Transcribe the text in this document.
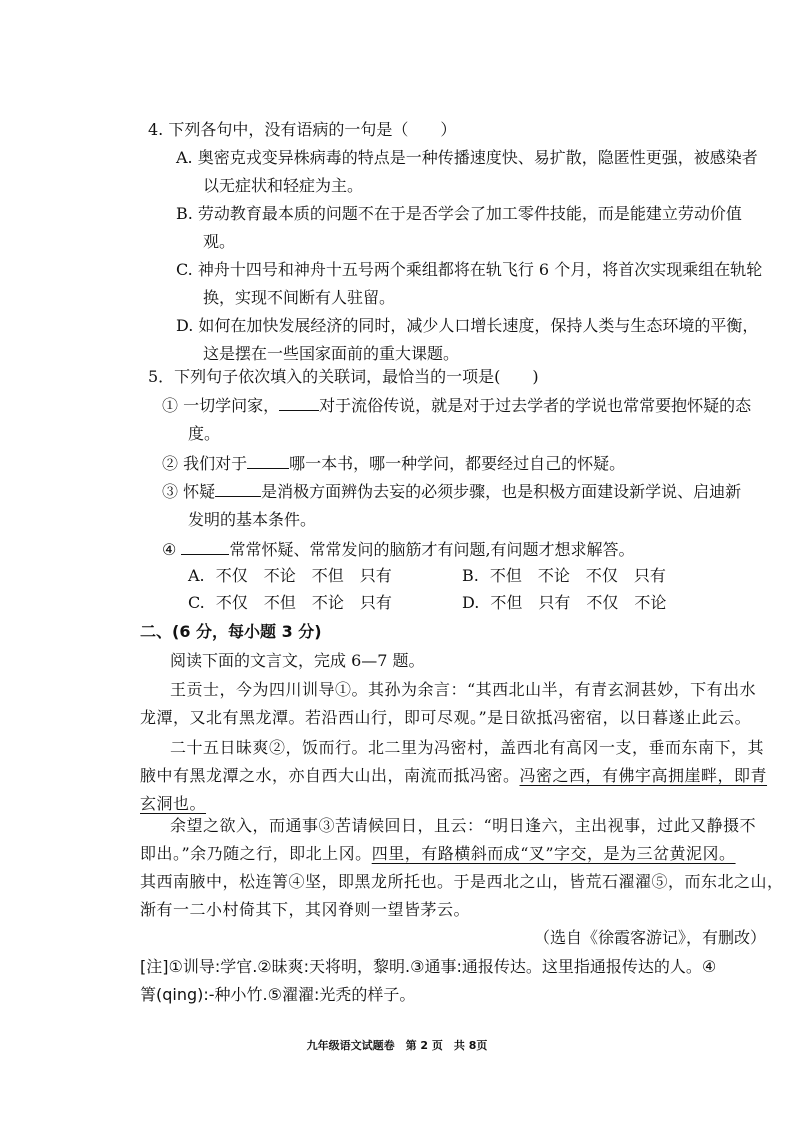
4. 下列各句中，没有语病的一句是（　　）
A. 奥密克戎变异株病毒的特点是一种传播速度快、易扩散，隐匿性更强，被感染者
以无症状和轻症为主。
B. 劳动教育最本质的问题不在于是否学会了加工零件技能，而是能建立劳动价值
观。
C. 神舟十四号和神舟十五号两个乘组都将在轨飞行 6 个月，将首次实现乘组在轨轮
换，实现不间断有人驻留。
D. 如何在加快发展经济的同时，减少人口增长速度，保持人类与生态环境的平衡，
这是摆在一些国家面前的重大课题。
5．下列句子依次填入的关联词，最恰当的一项是(　　)
① 一切学问家，	对于流俗传说，就是对于过去学者的学说也常常要抱怀疑的态
度。
② 我们对于	哪一本书，哪一种学问，都要经过自己的怀疑。
③ 怀疑	是消极方面辨伪去妄的必须步骤，也是积极方面建设新学说、启迪新
发明的基本条件。
④	常常怀疑、常常发问的脑筋才有问题,有问题才想求解答。
A. 不仅　不论　不但　只有	B. 不但　不论　不仅　只有
C. 不仅　不但　不论　只有	D. 不但　只有　不仅　不论
二、(6 分，每小题 3 分)
阅读下面的文言文，完成 6—7 题。
王贡士，今为四川训导①。其孙为余言：“其西北山半，有青玄洞甚妙，下有出水
龙潭，又北有黑龙潭。若沿西山行，即可尽观。”是日欲抵冯密宿，以日暮遂止此云。
二十五日昧爽②，饭而行。北二里为冯密村，盖西北有高冈一支，垂而东南下，其
腋中有黑龙潭之水，亦自西大山出，南流而抵冯密。冯密之西，有佛宇高拥崖畔，即青
玄洞也。
余望之欲入，而通事③苦请候回日，且云：“明日逢六，主出视事，过此又静摄不
即出。”余乃随之行，即北上冈。四里，有路横斜而成“叉”字交，是为三岔黄泥冈。
其西南腋中，松连箐④坚，即黑龙所托也。于是西北之山，皆荒石濯濯⑤，而东北之山，
渐有一二小村倚其下，其冈脊则一望皆茅云。
（选自《徐霞客游记》，有删改）
[注]①训导:学官.②昧爽:天将明，黎明.③通事:通报传达。这里指通报传达的人。④
箐(qing):-种小竹.⑤濯濯:光秃的样子。
九年级语文试题卷　第 2 页　共 8页
